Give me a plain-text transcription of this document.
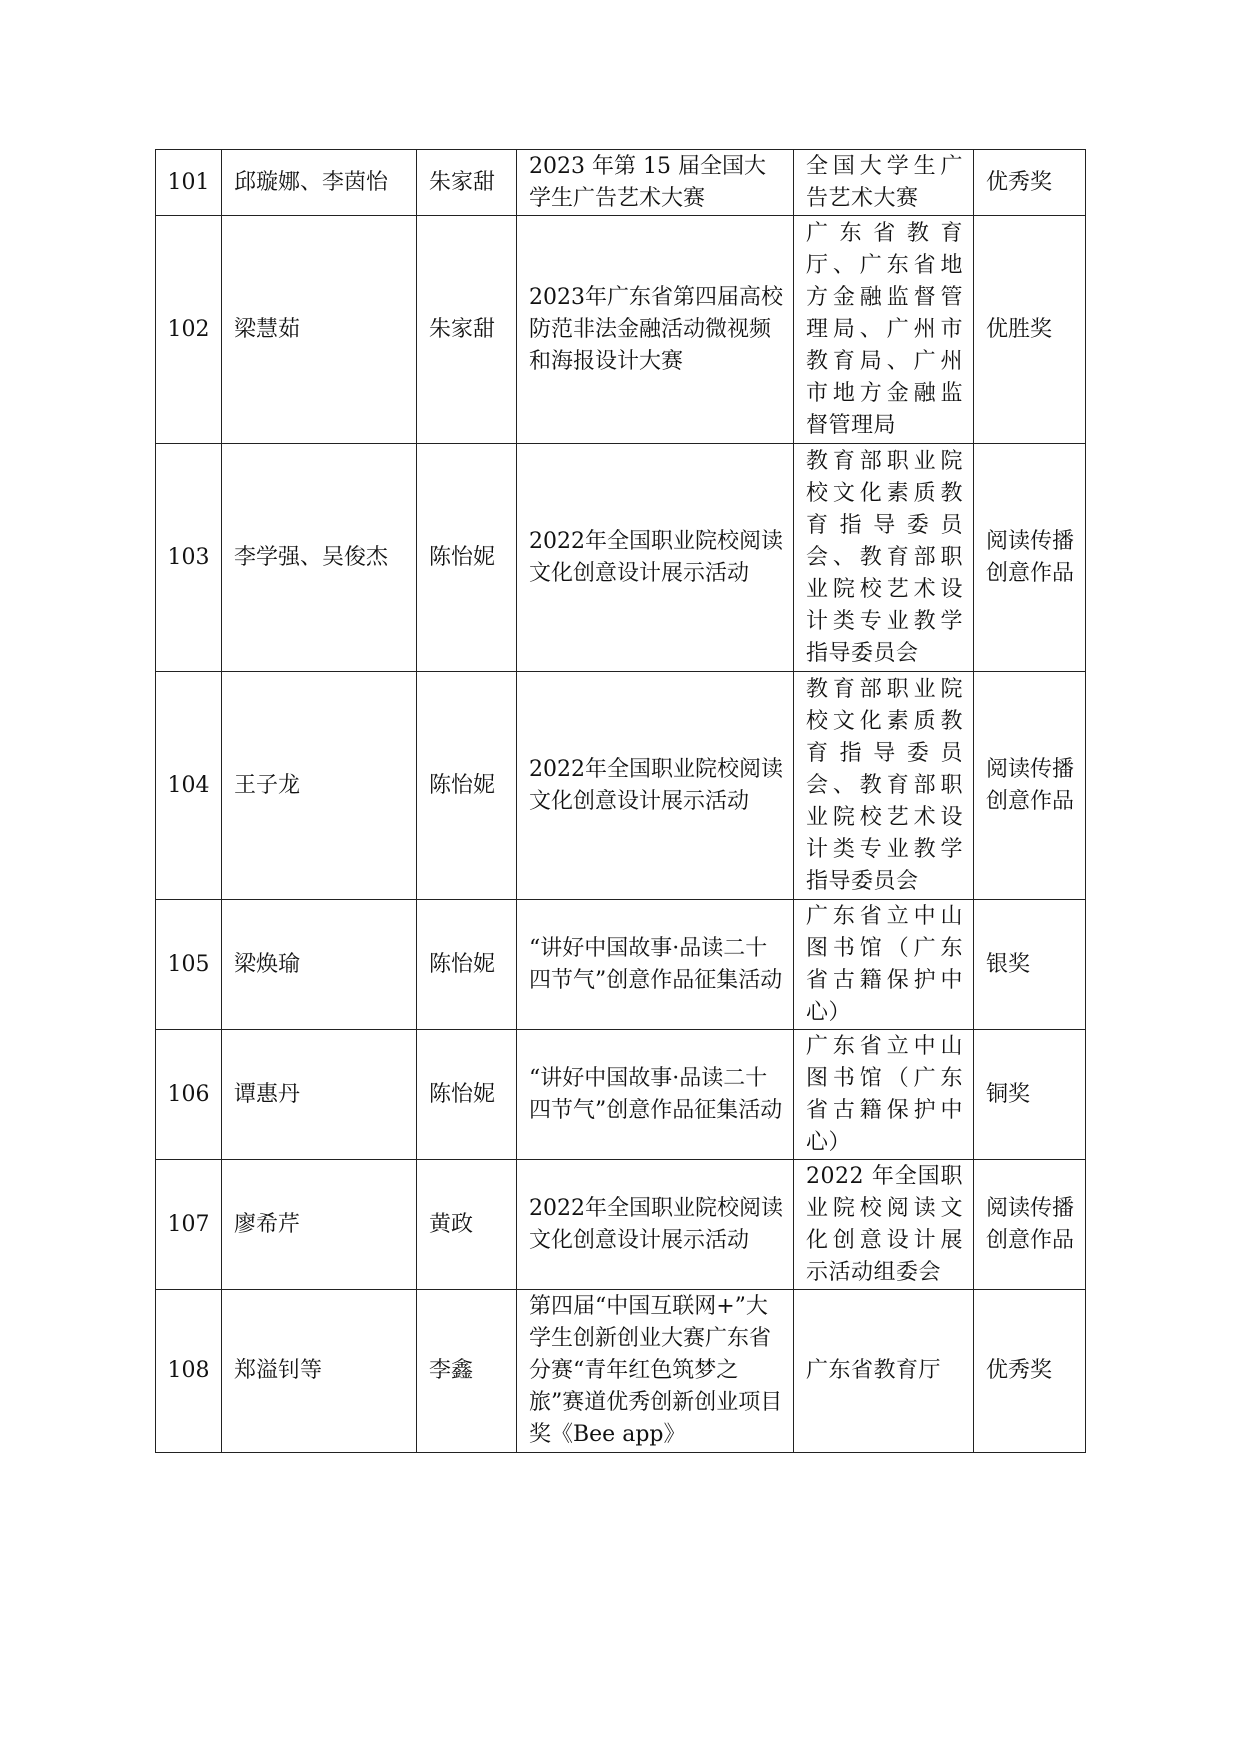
101	邱璇娜、李茵怡	朱家甜	2023 年第 15 届全国大学生广告艺术大赛	全国大学生广告艺术大赛	优秀奖
102	梁慧茹	朱家甜	2023年广东省第四届高校防范非法金融活动微视频和海报设计大赛	广东省教育厅、广东省地方金融监督管理局、广州市教育局、广州市地方金融监督管理局	优胜奖
103	李学强、吴俊杰	陈怡妮	2022年全国职业院校阅读文化创意设计展示活动	教育部职业院校文化素质教育指导委员会、教育部职业院校艺术设计类专业教学指导委员会	阅读传播创意作品
104	王子龙	陈怡妮	2022年全国职业院校阅读文化创意设计展示活动	教育部职业院校文化素质教育指导委员会、教育部职业院校艺术设计类专业教学指导委员会	阅读传播创意作品
105	梁焕瑜	陈怡妮	“讲好中国故事·品读二十四节气”创意作品征集活动	广东省立中山图书馆（广东省古籍保护中心）	银奖
106	谭惠丹	陈怡妮	“讲好中国故事·品读二十四节气”创意作品征集活动	广东省立中山图书馆（广东省古籍保护中心）	铜奖
107	廖希芹	黄政	2022年全国职业院校阅读文化创意设计展示活动	2022 年全国职业院校阅读文化创意设计展示活动组委会	阅读传播创意作品
108	郑溢钊等	李鑫	第四届“中国互联网+”大学生创新创业大赛广东省分赛“青年红色筑梦之旅”赛道优秀创新创业项目奖《Bee app》	广东省教育厅	优秀奖
